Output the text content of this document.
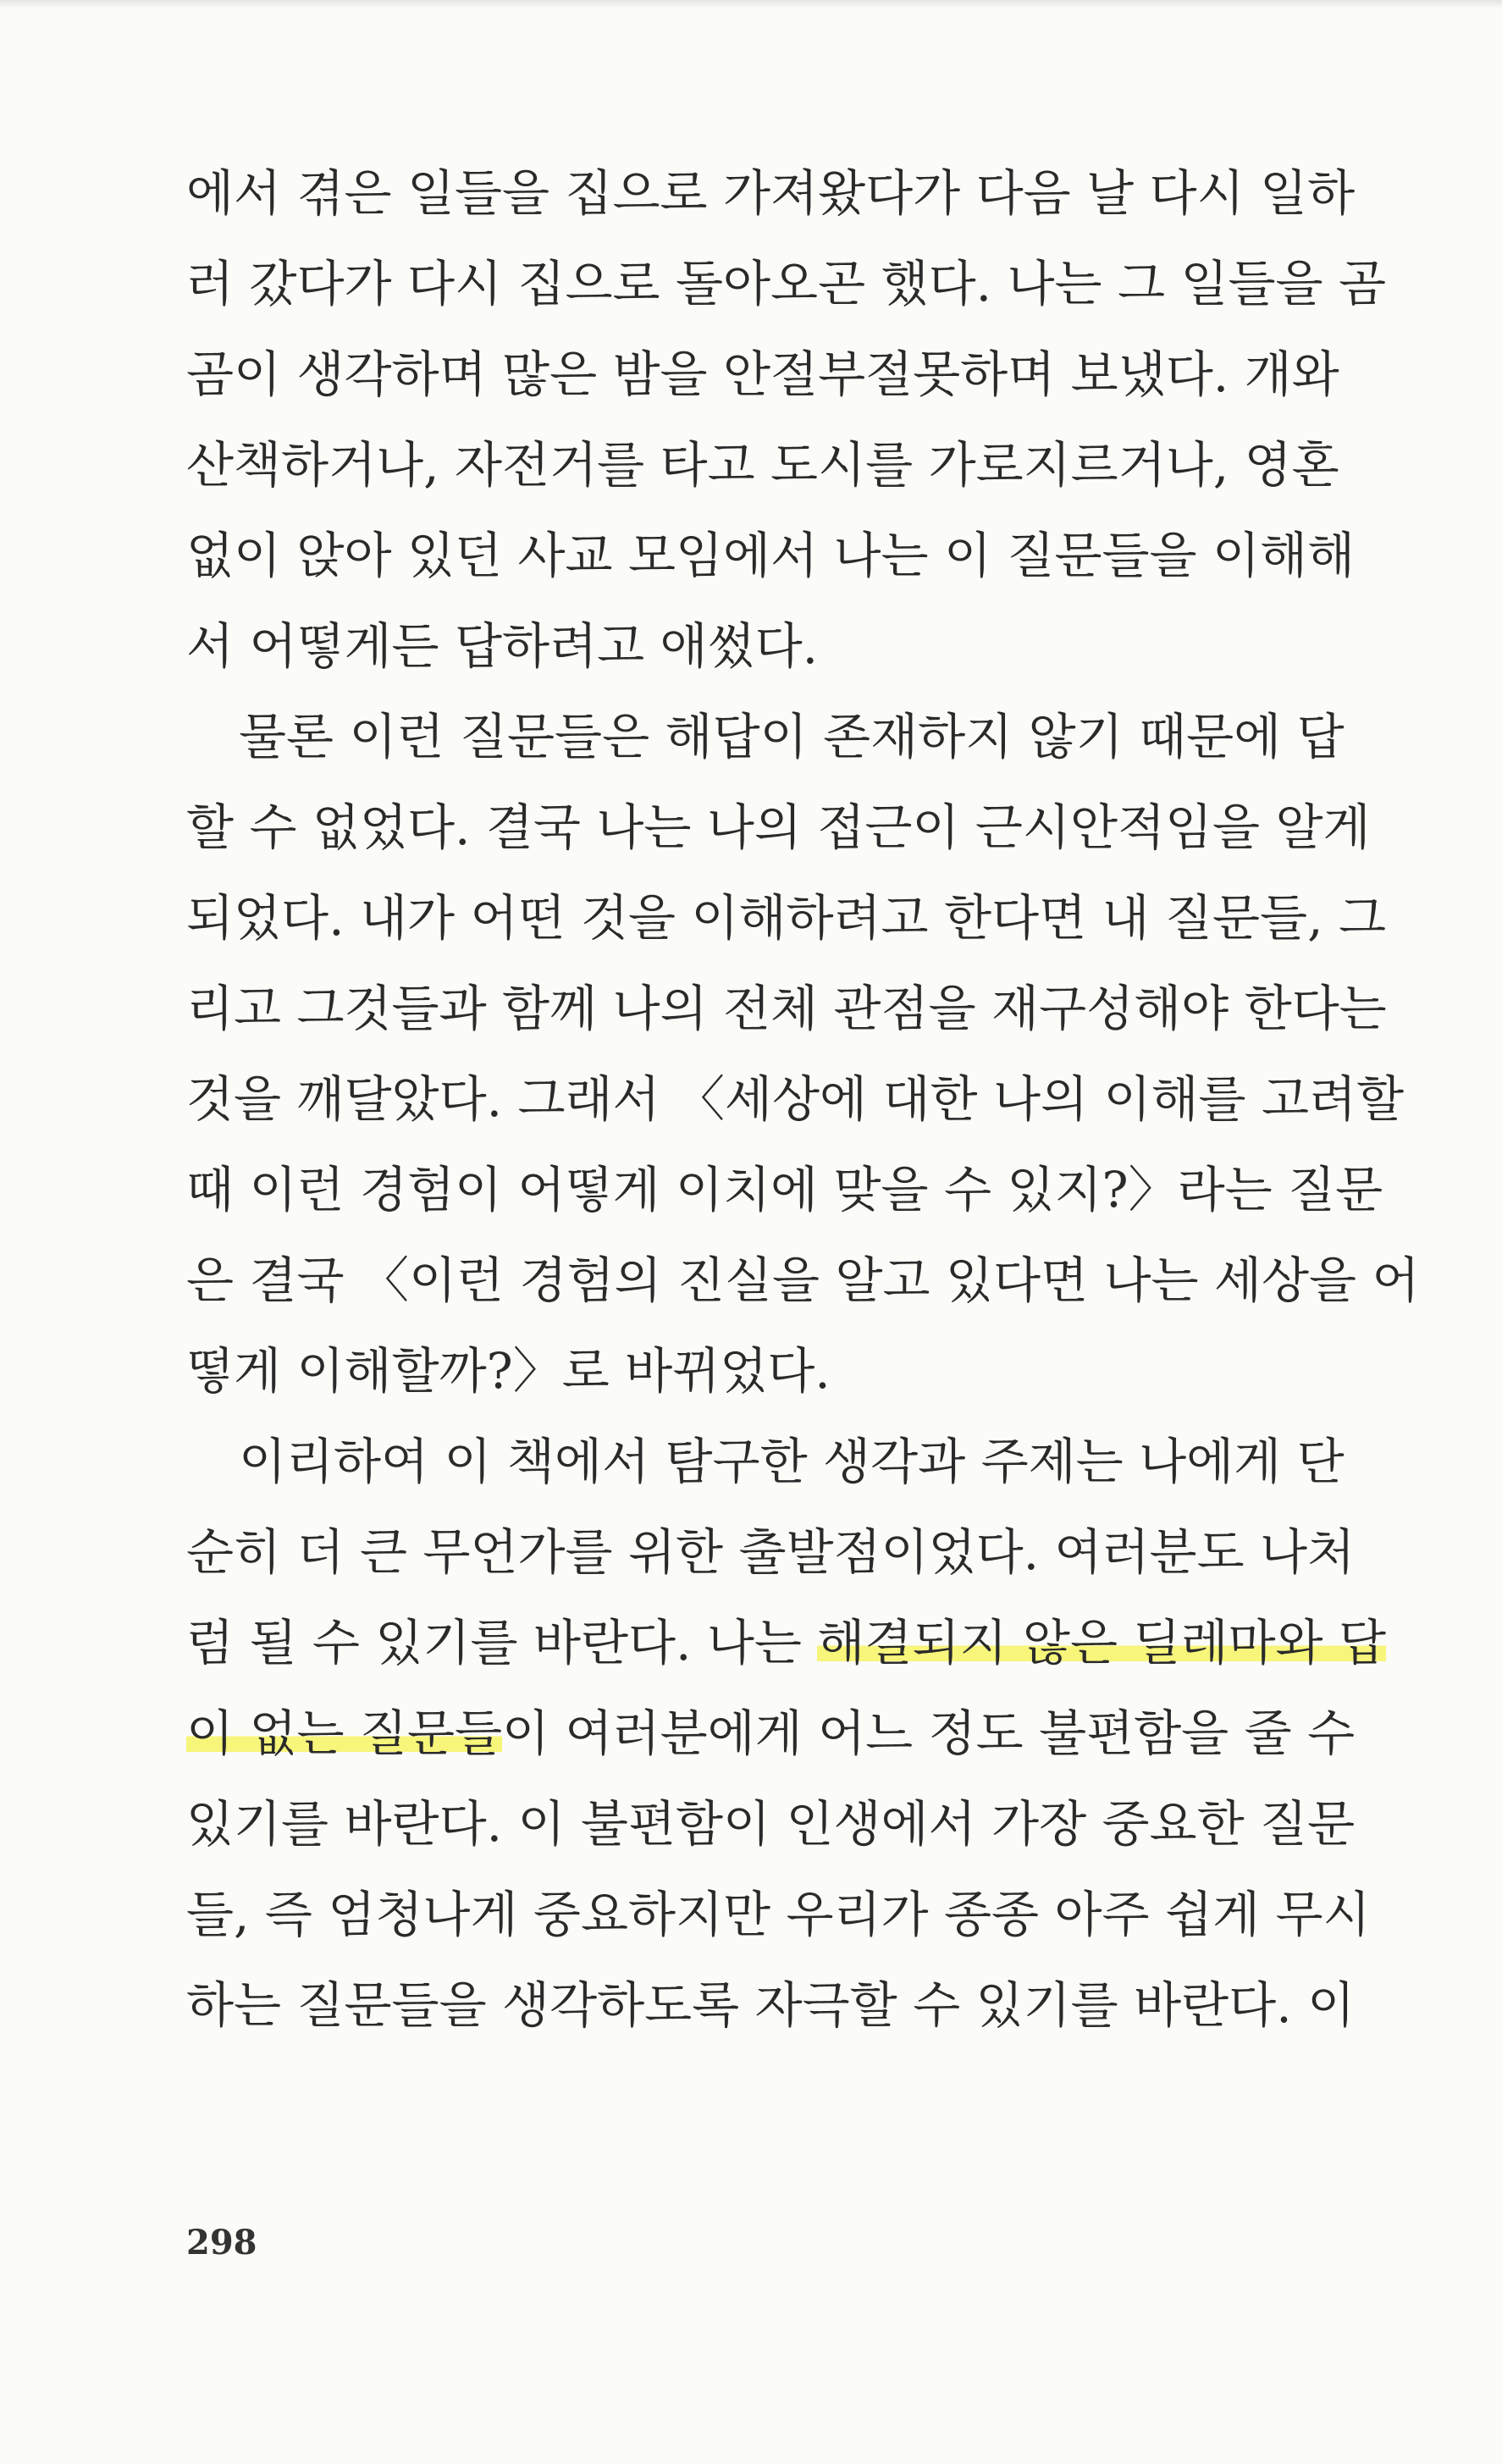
에서 겪은 일들을 집으로 가져왔다가 다음 날 다시 일하
러 갔다가 다시 집으로 돌아오곤 했다. 나는 그 일들을 곰
곰이 생각하며 많은 밤을 안절부절못하며 보냈다. 개와
산책하거나, 자전거를 타고 도시를 가로지르거나, 영혼
없이 앉아 있던 사교 모임에서 나는 이 질문들을 이해해
서 어떻게든 답하려고 애썼다.
물론 이런 질문들은 해답이 존재하지 않기 때문에 답
할 수 없었다. 결국 나는 나의 접근이 근시안적임을 알게
되었다. 내가 어떤 것을 이해하려고 한다면 내 질문들, 그
리고 그것들과 함께 나의 전체 관점을 재구성해야 한다는
것을 깨달았다. 그래서 〈세상에 대한 나의 이해를 고려할
때 이런 경험이 어떻게 이치에 맞을 수 있지?〉라는 질문
은 결국 〈이런 경험의 진실을 알고 있다면 나는 세상을 어
떻게 이해할까?〉로 바뀌었다.
이리하여 이 책에서 탐구한 생각과 주제는 나에게 단
순히 더 큰 무언가를 위한 출발점이었다. 여러분도 나처
럼 될 수 있기를 바란다. 나는 해결되지 않은 딜레마와 답
이 없는 질문들이 여러분에게 어느 정도 불편함을 줄 수
있기를 바란다. 이 불편함이 인생에서 가장 중요한 질문
들, 즉 엄청나게 중요하지만 우리가 종종 아주 쉽게 무시
하는 질문들을 생각하도록 자극할 수 있기를 바란다. 이
298
